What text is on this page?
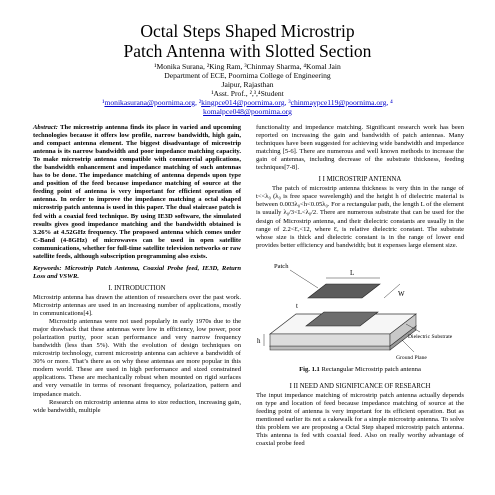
Octal Steps Shaped Microstrip
Patch Antenna with Slotted Section
¹Monika Surana, ²King Ram, ³Chinmay Sharma, ⁴Komal Jain
Department of ECE, Poornima College of Engineering
Jaipur, Rajasthan
¹Asst. Prof., ²,³,⁴Student
¹monikasurana@poornima.org, ²kingpce014@poornima.org, ³chinmaypce119@poornima.org, ⁴
komalpce048@poornima.org

Abstract: The microstrip antenna finds its place in varied and upcoming technologies because it offers low profile, narrow bandwidth, high gain, and compact antenna element. The biggest disadvantage of microstrip antenna is its narrow bandwidth and poor impedance matching capacity. To make microstrip antenna compatible with commercial applications, the bandwidth enhancement and impedance matching of such antennas has to be done. The impedance matching of antenna depends upon type and position of the feed because impedance matching of source at the feeding point of antenna is very important for efficient operation of antenna. In order to improve the impedance matching a octal shaped microstrip patch antenna is used in this paper. The dual staircase patch is fed with a coaxial feed technique. By using IE3D software, the simulated results gives good impedance matching and the bandwidth obtained is 3.26% at 4.52GHz frequency. The proposed antenna which comes under C-Band (4-8GHz) of microwaves can be used in open satellite communications, whether for full-time satellite television networks or raw satellite feeds, although subscription programming also exists.

Keywords: Microstrip Patch Antenna, Coaxial Probe feed, IE3D, Return Loss and VSWR.

I. INTRODUCTION

Microstrip antenna has drawn the attention of researchers over the past work. Microstrip antennas are used in an increasing number of applications, mostly in communications[4].

Microstrip antennas were not used popularly in early 1970s due to the major drawback that these antennas were low in efficiency, low power, poor polarization purity, poor scan performance and very narrow frequency bandwidth (less than 5%). With the evolution of design techniques on microstrip technology, current microstrip antenna can achieve a bandwidth of 30% or more. That’s there as on why these antennas are more popular in this modern world. These are used in high performance and sized constrained applications. These are mechanically robust when mounted on rigid surfaces and very versatile in terms of resonant frequency, polarization, pattern and impedance match.

Research on microstrip antenna aims to size reduction, increasing gain, wide bandwidth, multiple

functionality and impedance matching. Significant research work has been reported on increasing the gain and bandwidth of patch antennas. Many techniques have been suggested for achieving wide bandwidth and impedance matching [5-6]. There are numerous and well known methods to increase the gain of antennas, including decrease of the substrate thickness, feeding techniques[7-8].

I I MICROSTRIP ANTENNA

The patch of microstrip antenna thickness is very thin in the range of t<<λ₀ (λ₀ is free space wavelength) and the height h of dielectric material is between 0.003λ₀<h<0.05λ₀. For a rectangular path, the length L of the element is usually λ₀/3<L<λ₀/2. There are numerous substrate that can be used for the design of Microstrip antenna, and their dielectric constants are usually in the range of 2.2<Ɛᵣ<12, where Ɛᵣ is relative dielectric constant. The substrate whose size is thick and dielectric constant is in the range of lower end provides better efficiency and bandwidth; but it expenses large element size.

L
W
Patch
t
h	Dielectric Substrate
Ground Plane

Fig. 1.1 Rectangular Microstrip patch antenna

I II NEED AND SIGNIFICANCE OF RESEARCH

The input impedance matching of microstrip patch antenna actually depends on type and location of feed because impedance matching of source at the feeding point of antenna is very important for its efficient operation. But as mentioned earlier its not a cakewalk for a simple microstrip antenna. To solve this problem we are proposing a Octal Step shaped microstrip patch antenna. This antenna is fed with coaxial feed. Also on really worthy advantage of coaxial probe feed
